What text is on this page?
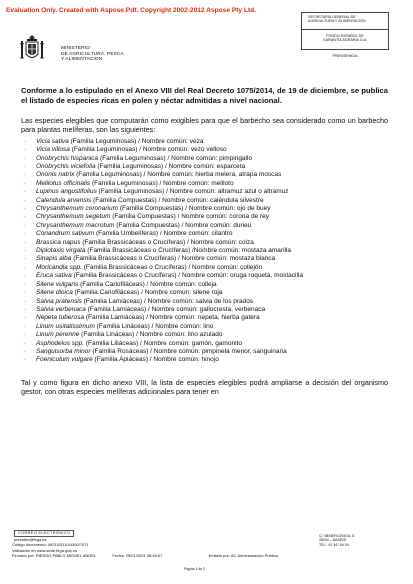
Evaluation Only. Created with Aspose.Pdf. Copyright 2002-2012 Aspose Pty Ltd.
MINISTERIO
DE AGRICULTURA, PESCA
Y ALIMENTACION
SECRETARÍA GENERAL DE
AGRICULTURA Y ALIMENTACIÓN
FONDO ESPAÑOL DE
GARANTÍA AGRARIA O.A.
PRESIDENCIA

Conforme a lo estipulado en el Anexo VIII del Real Decreto 1075/2014, de 19 de diciembre, se publica el listado de especies ricas en polen y néctar admitidas a nivel nacional.

Las especies elegibles que computarán como exigibles para que el barbecho sea considerado como un barbecho para plantas melíferas, son las siguientes:

· Vicia sativa (Familia Leguminosas) / Nombre común: veza
· Vicia villosa (Familia Leguminosas) / Nombre común: vezo velloso
· Onobrychis hispanica (Familia Leguminosas) / Nombre común: pimpirigallo
· Onobrychis viciefolia (Familia Leguminosas) / Nombre común: esparceta
· Ononis natrix (Familia Leguminosas) / Nombre común: hierba melera, atrapa moscas
· Melilotus officinalis (Familia Leguminosas) / Nombre común: meliloto
· Lupinus angustifolius (Familia Leguminosas) / Nombre común: altramuz azul o altramuz
· Calendula arvensis (Familia Compuestas) / Nombre común: caléndula silvestre
· Chrysanthemum coronarium (Familia Compuestas) / Nombre común: ojo de buey
· Chrysanthemum segetum (Familia Compuestas) / Nombre común: corona de rey
· Chrysanthemum macrotum (Familia Compuestas) / Nombre común: durieu
· Coriandrum sativum (Familia Umbelíferas) / Nombre común: cilantro
· Brassica napus (Familia Brassicáceas o Crucíferas) / Nombre común: colza
· Diplotaxis virgata (Familia Brassicáceas o Crucíferas) /Nombre común: mostaza amarilla
· Sinapis alba (Familia Brassicáceas o Crucíferas) / Nombre común: mostaza blanca
· Moricandia spp. (Familia Brassicáceas o Crucíferas) / Nombre común: collejón
· Eruca sativa (Familia Brassicáceas o Crucíferas) / Nombre común: oruga roqueta, mostacilla
· Silene vulgaris (Familia Cariofiláceas) / Nombre común: colleja
· Silene dioica (Familia Cariofiláceas) / Nombre común: silene roja
· Salvia pratensis (Familia Lamiáceas) / Nombre común: salvia de los prados
· Salvia verbenaca (Familia Lamiáceas) / Nombre común: gallocresta, verbenaca
· Nepeta tuberosa (Familia Lamiáceas) / Nombre común: nepeta, hierba gatera
· Linum usitatissimum (Familia Lináceas) / Nombre común: lino
· Linum perenne (Familia Lináceas) / Nombre común: lino azulado
· Asphodelus spp. (Familia Liliáceas) / Nombre común: gamón, gamonito
· Sanguisorba minor (Familia Rosáceas) / Nombre común: pimpinela menor, sanguinaria
· Foeniculum vulgare (Familia Apiáceas) / Nombre común: hinojo

Tal y como figura en dicho anexo VIII, la lista de especies elegibles podrá ampliarse a decisión del organismo gestor, con otras especies melíferas adicionales para tener en

CORREO ELECTRÓNICO
presiden@fega.es
Código documento: 49210/3110/4300/7071
Validación en www.sede.fega.gob.es
Firmado por: RIESGO PABLO MIGUEL ANGEL	Fecha: 29/01/2021 08:49:57	Emitido por: AC Administración Pública
Página 1 de 2
C/. BENEFICENCIA, 8
28004 – MADRID
TEL.: 91 347 64 04
